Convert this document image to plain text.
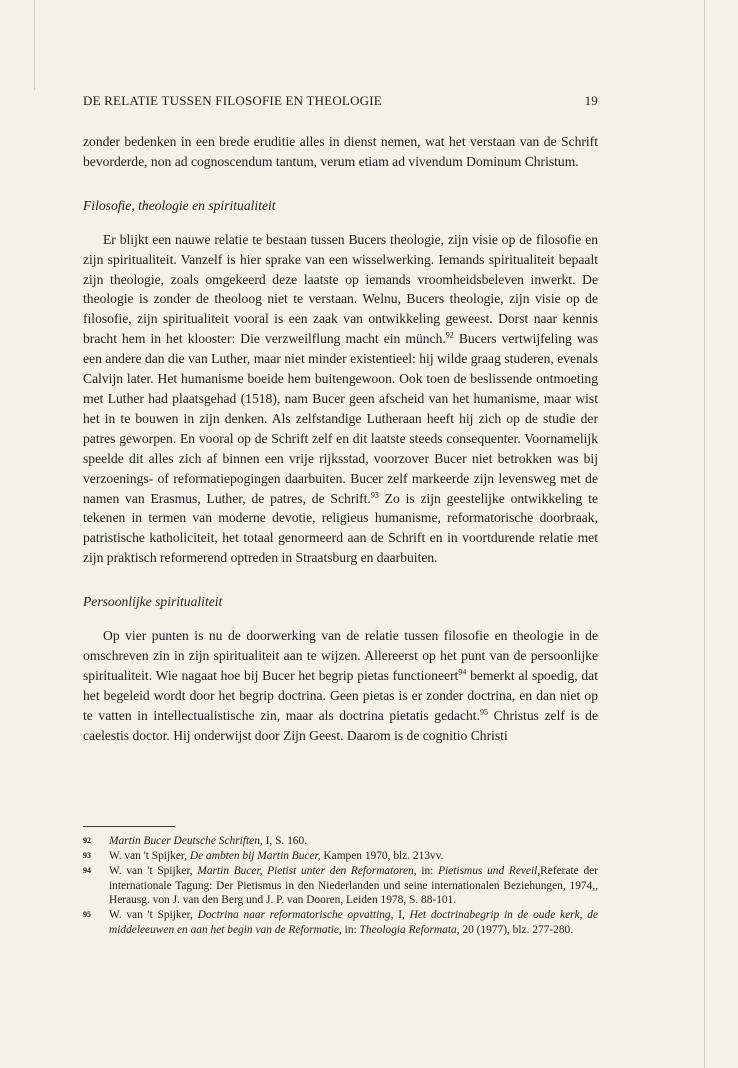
DE RELATIE TUSSEN FILOSOFIE EN THEOLOGIE	19

zonder bedenken in een brede eruditie alles in dienst nemen, wat het verstaan van de Schrift bevorderde, non ad cognoscendum tantum, verum etiam ad vivendum Dominum Christum.

Filosofie, theologie en spiritualiteit

Er blijkt een nauwe relatie te bestaan tussen Bucers theologie, zijn visie op de filosofie en zijn spiritualiteit. Vanzelf is hier sprake van een wisselwerking. Iemands spiritualiteit bepaalt zijn theologie, zoals omgekeerd deze laatste op iemands vroomheidsbeleven inwerkt. De theologie is zonder de theoloog niet te verstaan. Welnu, Bucers theologie, zijn visie op de filosofie, zijn spiritualiteit vooral is een zaak van ontwikkeling geweest. Dorst naar kennis bracht hem in het klooster: Die verzweilflung macht ein münch.$^{92}$ Bucers vertwijfeling was een andere dan die van Luther, maar niet minder existentieel: hij wilde graag studeren, evenals Calvijn later. Het humanisme boeide hem buitengewoon. Ook toen de beslissende ontmoeting met Luther had plaatsgehad (1518), nam Bucer geen afscheid van het humanisme, maar wist het in te bouwen in zijn denken. Als zelfstandige Lutheraan heeft hij zich op de studie der patres geworpen. En vooral op de Schrift zelf en dit laatste steeds consequenter. Voornamelijk speelde dit alles zich af binnen een vrije rijksstad, voorzover Bucer niet betrokken was bij verzoenings- of reformatiepogingen daarbuiten. Bucer zelf markeerde zijn levensweg met de namen van Erasmus, Luther, de patres, de Schrift.$^{93}$ Zo is zijn geestelijke ontwikkeling te tekenen in termen van moderne devotie, religieus humanisme, reformatorische doorbraak, patristische katholiciteit, het totaal genormeerd aan de Schrift en in voortdurende relatie met zijn praktisch reformerend optreden in Straatsburg en daarbuiten.

Persoonlijke spiritualiteit

Op vier punten is nu de doorwerking van de relatie tussen filosofie en theologie in de omschreven zin in zijn spiritualiteit aan te wijzen. Allereerst op het punt van de persoonlijke spiritualiteit. Wie nagaat hoe bij Bucer het begrip pietas functioneert$^{94}$ bemerkt al spoedig, dat het begeleid wordt door het begrip doctrina. Geen pietas is er zonder doctrina, en dan niet op te vatten in intellectualistische zin, maar als doctrina pietatis gedacht.$^{95}$ Christus zelf is de caelestis doctor. Hij onderwijst door Zijn Geest. Daarom is de cognitio Christi

92	Martin Bucer Deutsche Schriften, I, S. 160.
93	W. van 't Spijker, De ambten bij Martin Bucer, Kampen 1970, blz. 213vv.
94	W. van 't Spijker, Martin Bucer, Pietist unter den Reformatoren, in: Pietismus und Reveil,Referate der internationale Tagung: Der Pietismus in den Niederlanden und seine internationalen Beziehungen, 1974,, Herausg. von J. van den Berg und J. P. van Dooren, Leiden 1978, S. 88-101.
95	W. van 't Spijker, Doctrina naar reformatorische opvatting, I, Het doctrinabegrip in de oude kerk, de middeleeuwen en aan het begin van de Reformatie, in: Theologia Reformata, 20 (1977), blz. 277-280.
